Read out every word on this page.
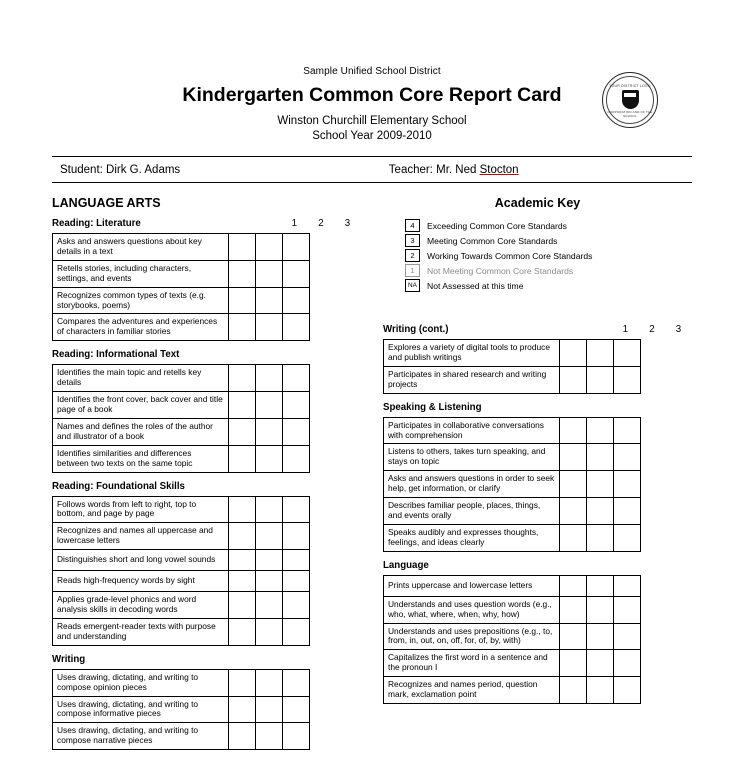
Sample Unified School District
Kindergarten Common Core Report Card
Winston Churchill Elementary School
School Year 2009-2010
YOUR DISTRICT LOGO
CORPORATION AND OF THE SCHOOL
Student: Dirk G. Adams	Teacher: Mr. Ned Stocton
LANGUAGE ARTS
Reading: Literature	1	2	3
Asks and answers questions about key details in a text			
Retells stories, including characters, settings, and events			
Recognizes common types of texts (e.g. storybooks, poems)			
Compares the adventures and experiences of characters in familiar stories			
Reading: Informational Text
Identifies the main topic and retells key details			
Identifies the front cover, back cover and title page of a book			
Names and defines the roles of the author and illustrator of a book			
Identifies similarities and differences between two texts on the same topic			
Reading: Foundational Skills
Follows words from left to right, top to bottom, and page by page			
Recognizes and names all uppercase and lowercase letters			
Distinguishes short and long vowel sounds			
Reads high-frequency words by sight			
Applies grade-level phonics and word analysis skills in decoding words			
Reads emergent-reader texts with purpose and understanding			
Writing
Uses drawing, dictating, and writing to compose opinion pieces			
Uses drawing, dictating, and writing to compose informative pieces			
Uses drawing, dictating, and writing to compose narrative pieces			
Academic Key
4	Exceeding Common Core Standards
3	Meeting Common Core Standards
2	Working Towards Common Core Standards
1	Not Meeting Common Core Standards
NA	Not Assessed at this time
Writing (cont.)	1	2	3
Explores a variety of digital tools to produce and publish writings			
Participates in shared research and writing projects			
Speaking & Listening
Participates in collaborative conversations with comprehension			
Listens to others, takes turn speaking, and stays on topic			
Asks and answers questions in order to seek help, get information, or clarify			
Describes familiar people, places, things, and events orally			
Speaks audibly and expresses thoughts, feelings, and ideas clearly			
Language
Prints uppercase and lowercase letters			
Understands and uses question words (e.g., who, what, where, when, why, how)			
Understands and uses prepositions (e.g., to, from, in, out, on, off, for, of, by, with)			
Capitalizes the first word in a sentence and the pronoun I			
Recognizes and names period, question mark, exclamation point			
